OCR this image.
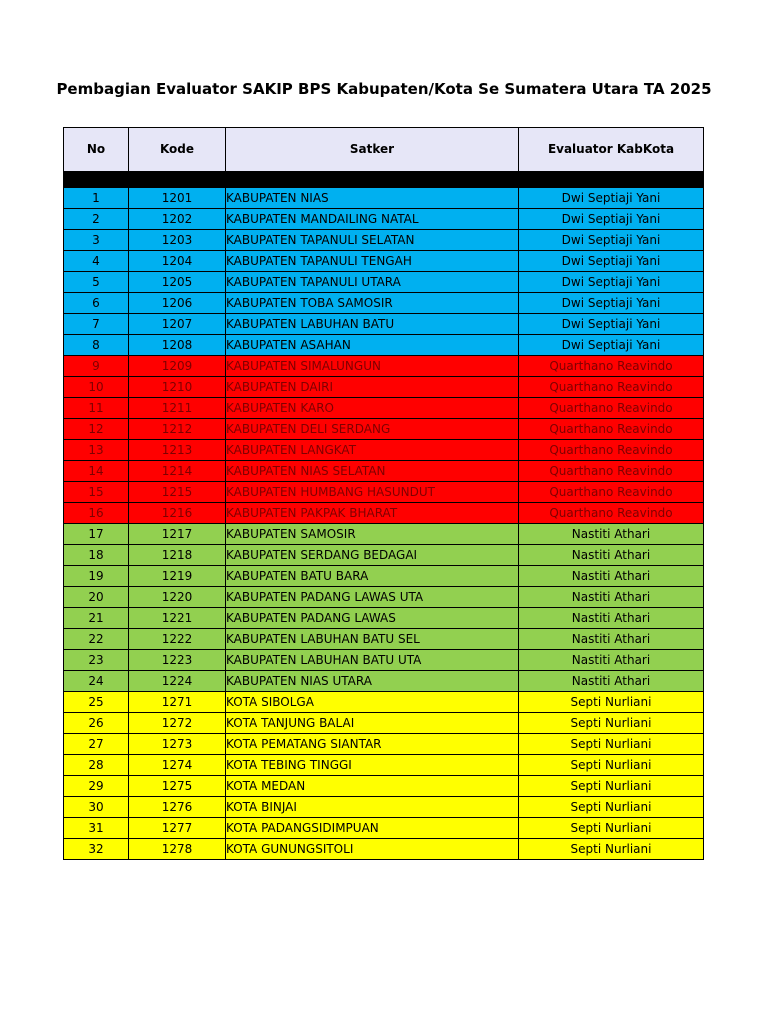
Pembagian Evaluator SAKIP BPS Kabupaten/Kota Se Sumatera Utara TA 2025
No	Kode	Satker	Evaluator KabKota

1	1201	KABUPATEN NIAS	Dwi Septiaji Yani
2	1202	KABUPATEN MANDAILING NATAL	Dwi Septiaji Yani
3	1203	KABUPATEN TAPANULI SELATAN	Dwi Septiaji Yani
4	1204	KABUPATEN TAPANULI TENGAH	Dwi Septiaji Yani
5	1205	KABUPATEN TAPANULI UTARA	Dwi Septiaji Yani
6	1206	KABUPATEN TOBA SAMOSIR	Dwi Septiaji Yani
7	1207	KABUPATEN LABUHAN BATU	Dwi Septiaji Yani
8	1208	KABUPATEN ASAHAN	Dwi Septiaji Yani
9	1209	KABUPATEN SIMALUNGUN	Quarthano Reavindo
10	1210	KABUPATEN DAIRI	Quarthano Reavindo
11	1211	KABUPATEN KARO	Quarthano Reavindo
12	1212	KABUPATEN DELI SERDANG	Quarthano Reavindo
13	1213	KABUPATEN LANGKAT	Quarthano Reavindo
14	1214	KABUPATEN NIAS SELATAN	Quarthano Reavindo
15	1215	KABUPATEN HUMBANG HASUNDUT	Quarthano Reavindo
16	1216	KABUPATEN PAKPAK BHARAT	Quarthano Reavindo
17	1217	KABUPATEN SAMOSIR	Nastiti Athari
18	1218	KABUPATEN SERDANG BEDAGAI	Nastiti Athari
19	1219	KABUPATEN BATU BARA	Nastiti Athari
20	1220	KABUPATEN PADANG LAWAS UTA	Nastiti Athari
21	1221	KABUPATEN PADANG LAWAS	Nastiti Athari
22	1222	KABUPATEN LABUHAN BATU SEL	Nastiti Athari
23	1223	KABUPATEN LABUHAN BATU UTA	Nastiti Athari
24	1224	KABUPATEN NIAS UTARA	Nastiti Athari
25	1271	KOTA SIBOLGA	Septi Nurliani
26	1272	KOTA TANJUNG BALAI	Septi Nurliani
27	1273	KOTA PEMATANG SIANTAR	Septi Nurliani
28	1274	KOTA TEBING TINGGI	Septi Nurliani
29	1275	KOTA MEDAN	Septi Nurliani
30	1276	KOTA BINJAI	Septi Nurliani
31	1277	KOTA PADANGSIDIMPUAN	Septi Nurliani
32	1278	KOTA GUNUNGSITOLI	Septi Nurliani
